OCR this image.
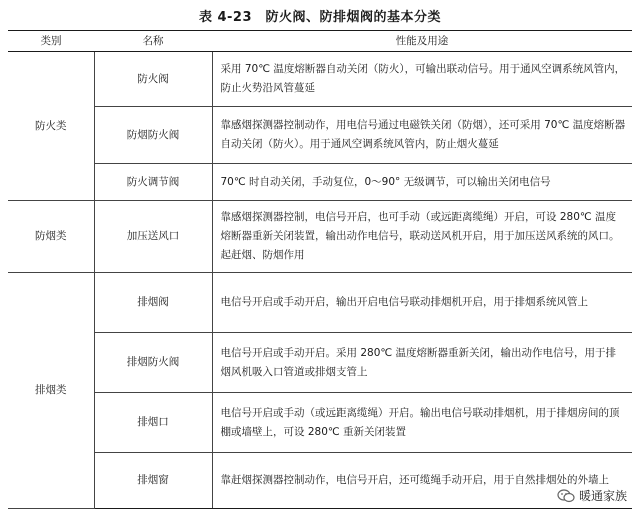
表 4-23　防火阀、防排烟阀的基本分类
类别	名称	性能及用途
防火类	防火阀	采用 70℃ 温度熔断器自动关闭（防火），可输出联动信号。用于通风空调系统风管内，防止火势沿风管蔓延
	防烟防火阀	靠感烟探测器控制动作，用电信号通过电磁铁关闭（防烟），还可采用 70℃ 温度熔断器自动关闭（防火）。用于通风空调系统风管内，防止烟火蔓延
	防火调节阀	70℃ 时自动关闭，手动复位，0～90° 无级调节，可以输出关闭电信号
防烟类	加压送风口	靠感烟探测器控制，电信号开启，也可手动（或远距离缆绳）开启，可设 280℃ 温度熔断器重新关闭装置，输出动作电信号，联动送风机开启，用于加压送风系统的风口。起赶烟、防烟作用
排烟类	排烟阀	电信号开启或手动开启，输出开启电信号联动排烟机开启，用于排烟系统风管上
	排烟防火阀	电信号开启或手动开启。采用 280℃ 温度熔断器重新关闭，输出动作电信号，用于排烟风机吸入口管道或排烟支管上
	排烟口	电信号开启或手动（或远距离缆绳）开启。输出电信号联动排烟机，用于排烟房间的顶棚或墙壁上，可设 280℃ 重新关闭装置
	排烟窗	靠赶烟探测器控制动作，电信号开启，还可缆绳手动开启，用于自然排烟处的外墙上
暖通家族
